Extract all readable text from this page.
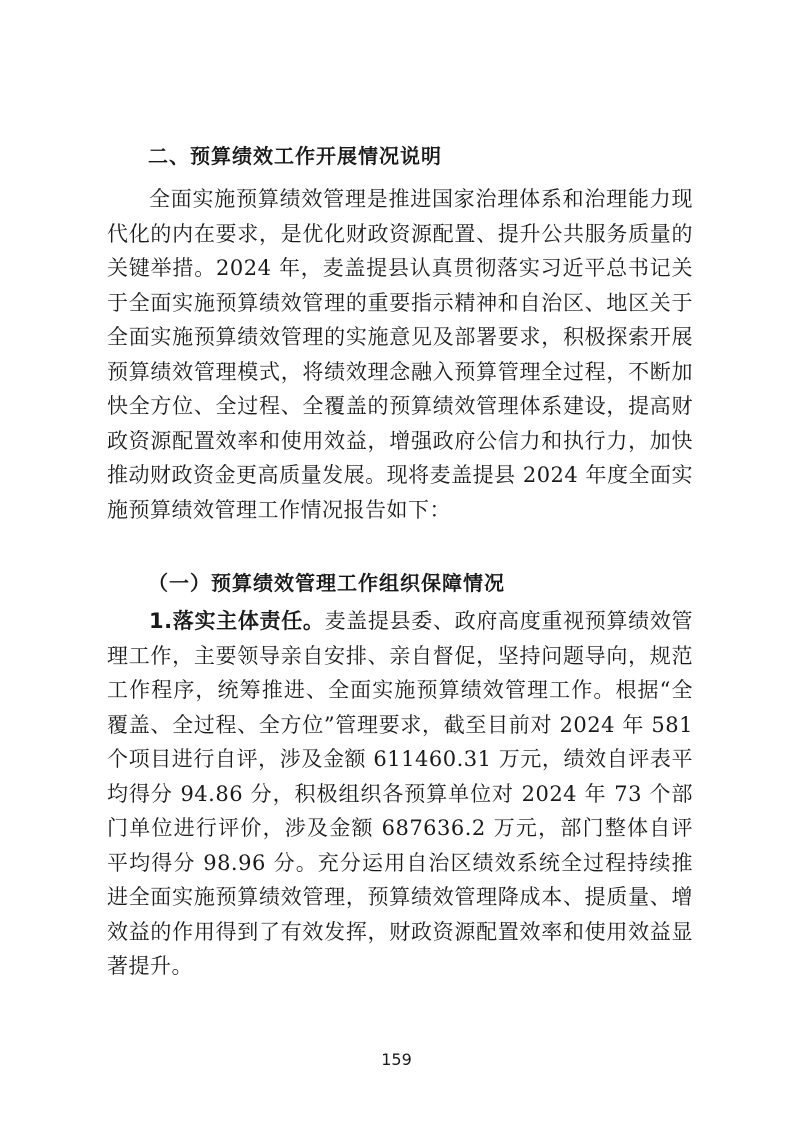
二、预算绩效工作开展情况说明
全面实施预算绩效管理是推进国家治理体系和治理能力现代化的内在要求，是优化财政资源配置、提升公共服务质量的关键举措。2024 年，麦盖提县认真贯彻落实习近平总书记关于全面实施预算绩效管理的重要指示精神和自治区、地区关于全面实施预算绩效管理的实施意见及部署要求，积极探索开展预算绩效管理模式，将绩效理念融入预算管理全过程，不断加快全方位、全过程、全覆盖的预算绩效管理体系建设，提高财政资源配置效率和使用效益，增强政府公信力和执行力，加快推动财政资金更高质量发展。现将麦盖提县 2024 年度全面实施预算绩效管理工作情况报告如下：
（一）预算绩效管理工作组织保障情况
1.落实主体责任。麦盖提县委、政府高度重视预算绩效管理工作，主要领导亲自安排、亲自督促，坚持问题导向，规范工作程序，统筹推进、全面实施预算绩效管理工作。根据“全覆盖、全过程、全方位”管理要求，截至目前对 2024 年 581 个项目进行自评，涉及金额 611460.31 万元，绩效自评表平均得分 94.86 分，积极组织各预算单位对 2024 年 73 个部门单位进行评价，涉及金额 687636.2 万元，部门整体自评平均得分 98.96 分。充分运用自治区绩效系统全过程持续推进全面实施预算绩效管理，预算绩效管理降成本、提质量、增效益的作用得到了有效发挥，财政资源配置效率和使用效益显著提升。
159
